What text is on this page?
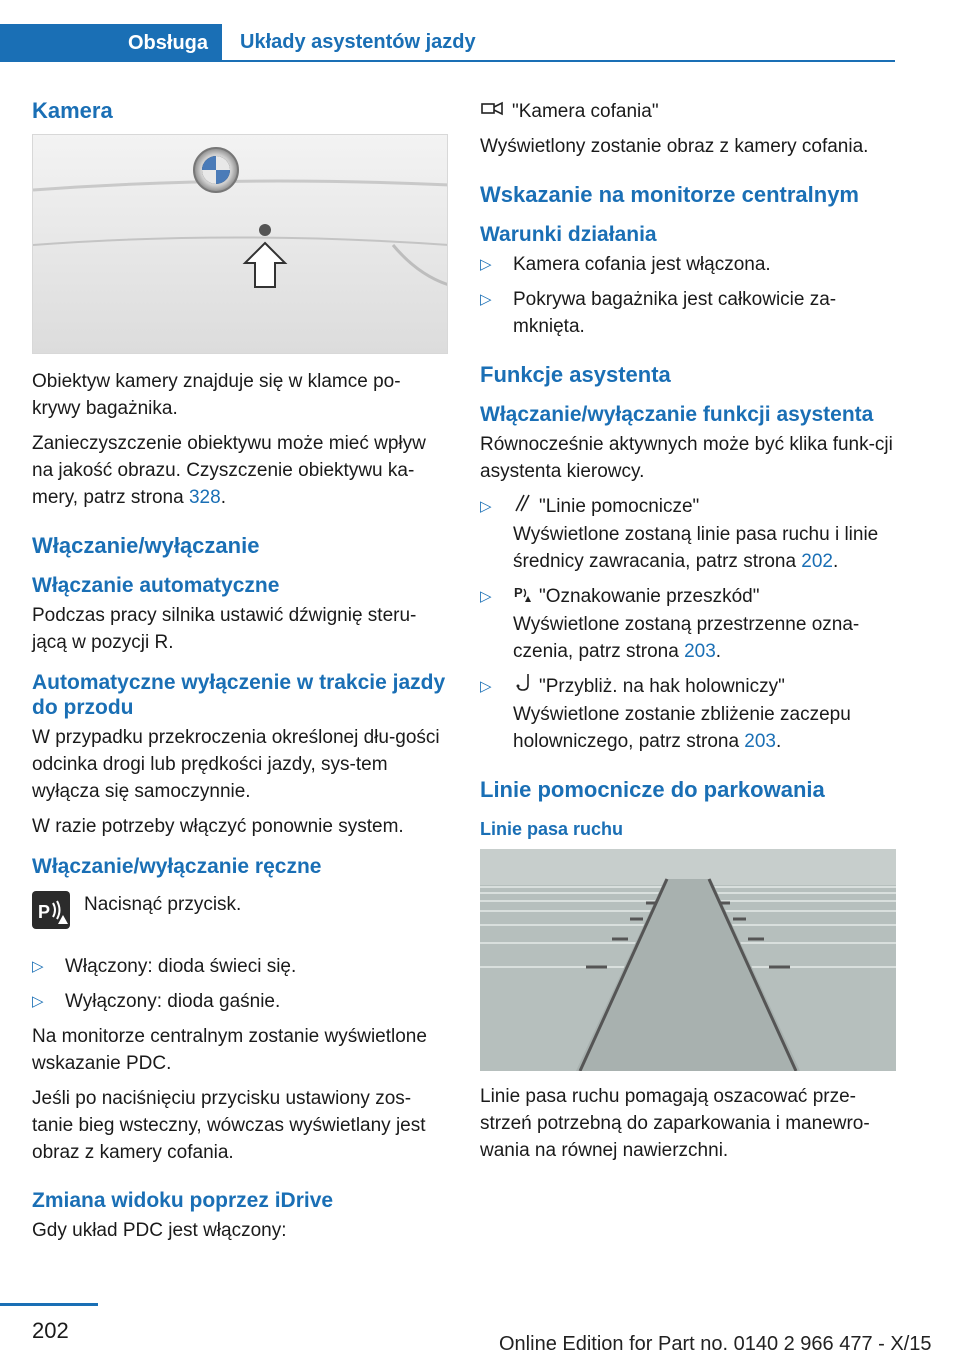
Obsługa	Układy asystentów jazdy
Kamera

Obiektyw kamery znajduje się w klamce po-krywy bagażnika.

Zanieczyszczenie obiektywu może mieć wpływ na jakość obrazu. Czyszczenie obiektywu ka-mery, patrz strona 328.

Włączanie/wyłączanie
Włączanie automatyczne

Podczas pracy silnika ustawić dźwignię steru-jącą w pozycji R.

Automatyczne wyłączenie w trakcie jazdy do przodu

W przypadku przekroczenia określonej dłu-gości odcinka drogi lub prędkości jazdy, sys-tem wyłącza się samoczynnie.

W razie potrzeby włączyć ponownie system.

Włączanie/wyłączanie ręczne
P Nacisnąć przycisk.
▷ Włączony: dioda świeci się.
▷ Wyłączony: dioda gaśnie.

Na monitorze centralnym zostanie wyświetlone wskazanie PDC.

Jeśli po naciśnięciu przycisku ustawiony zos-tanie bieg wsteczny, wówczas wyświetlany jest obraz z kamery cofania.

Zmiana widoku poprzez iDrive

Gdy układ PDC jest włączony:

"Kamera cofania"

Wyświetlony zostanie obraz z kamery cofania.

Wskazanie na monitorze centralnym
Warunki działania
▷ Kamera cofania jest włączona.
▷ Pokrywa bagażnika jest całkowicie za-mknięta.
Funkcje asystenta
Włączanie/wyłączanie funkcji asystenta

Równocześnie aktywnych może być klika funk-cji asystenta kierowcy.

▷ "Linie pomocnicze"
Wyświetlone zostaną linie pasa ruchu i linie średnicy zawracania, patrz strona 202.
▷ P "Oznakowanie przeszkód"
Wyświetlone zostaną przestrzenne ozna-czenia, patrz strona 203.
▷ "Przybliż. na hak holowniczy"
Wyświetlone zostanie zbliżenie zaczepu holowniczego, patrz strona 203.
Linie pomocnicze do parkowania
Linie pasa ruchu

Linie pasa ruchu pomagają oszacować prze-strzeń potrzebną do zaparkowania i manewro-wania na równej nawierzchni.

202
Online Edition for Part no. 0140 2 966 477 - X/15
